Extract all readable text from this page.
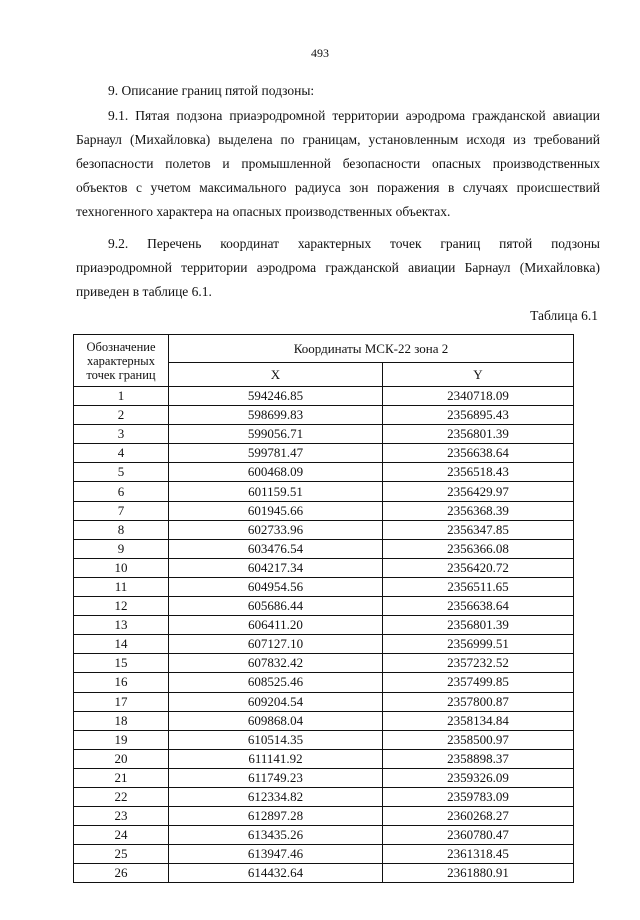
493

9. Описание границ пятой подзоны:

9.1. Пятая подзона приаэродромной территории аэродрома гражданской авиации
Барнаул (Михайловка) выделена по границам, установленным исходя из требований
безопасности полетов и промышленной безопасности опасных производственных
объектов с учетом максимального радиуса зон поражения в случаях происшествий
техногенного характера на опасных производственных объектах.

9.2. Перечень координат характерных точек границ пятой подзоны
приаэродромной территории аэродрома гражданской авиации Барнаул (Михайловка)
приведен в таблице 6.1.

Таблица 6.1
Обозначение характерных точек границ	Координаты МСК-22 зона 2	
	X	Y
1	594246.85	2340718.09
2	598699.83	2356895.43
3	599056.71	2356801.39
4	599781.47	2356638.64
5	600468.09	2356518.43
6	601159.51	2356429.97
7	601945.66	2356368.39
8	602733.96	2356347.85
9	603476.54	2356366.08
10	604217.34	2356420.72
11	604954.56	2356511.65
12	605686.44	2356638.64
13	606411.20	2356801.39
14	607127.10	2356999.51
15	607832.42	2357232.52
16	608525.46	2357499.85
17	609204.54	2357800.87
18	609868.04	2358134.84
19	610514.35	2358500.97
20	611141.92	2358898.37
21	611749.23	2359326.09
22	612334.82	2359783.09
23	612897.28	2360268.27
24	613435.26	2360780.47
25	613947.46	2361318.45
26	614432.64	2361880.91
